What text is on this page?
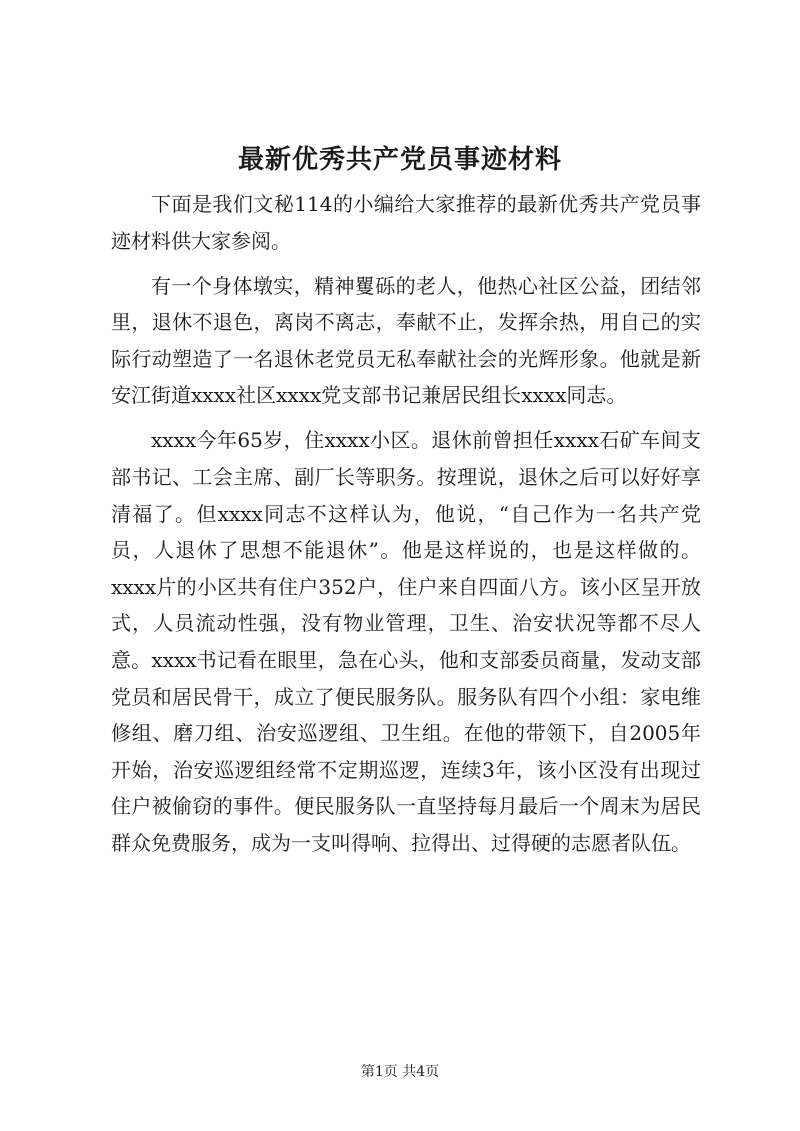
最新优秀共产党员事迹材料

下面是我们文秘114的小编给大家推荐的最新优秀共产党员事迹材料供大家参阅。

有一个身体墩实，精神矍砾的老人，他热心社区公益，团结邻里，退休不退色，离岗不离志，奉献不止，发挥余热，用自己的实际行动塑造了一名退休老党员无私奉献社会的光辉形象。他就是新安江街道xxxx社区xxxx党支部书记兼居民组长xxxx同志。

xxxx今年65岁，住xxxx小区。退休前曾担任xxxx石矿车间支部书记、工会主席、副厂长等职务。按理说，退休之后可以好好享清福了。但xxxx同志不这样认为，他说，“自己作为一名共产党员，人退休了思想不能退休”。他是这样说的，也是这样做的。xxxx片的小区共有住户352户，住户来自四面八方。该小区呈开放式，人员流动性强，没有物业管理，卫生、治安状况等都不尽人意。xxxx书记看在眼里，急在心头，他和支部委员商量，发动支部党员和居民骨干，成立了便民服务队。服务队有四个小组：家电维修组、磨刀组、治安巡逻组、卫生组。在他的带领下，自2005年开始，治安巡逻组经常不定期巡逻，连续3年，该小区没有出现过住户被偷窃的事件。便民服务队一直坚持每月最后一个周末为居民群众免费服务，成为一支叫得响、拉得出、过得硬的志愿者队伍。

第1页 共4页
